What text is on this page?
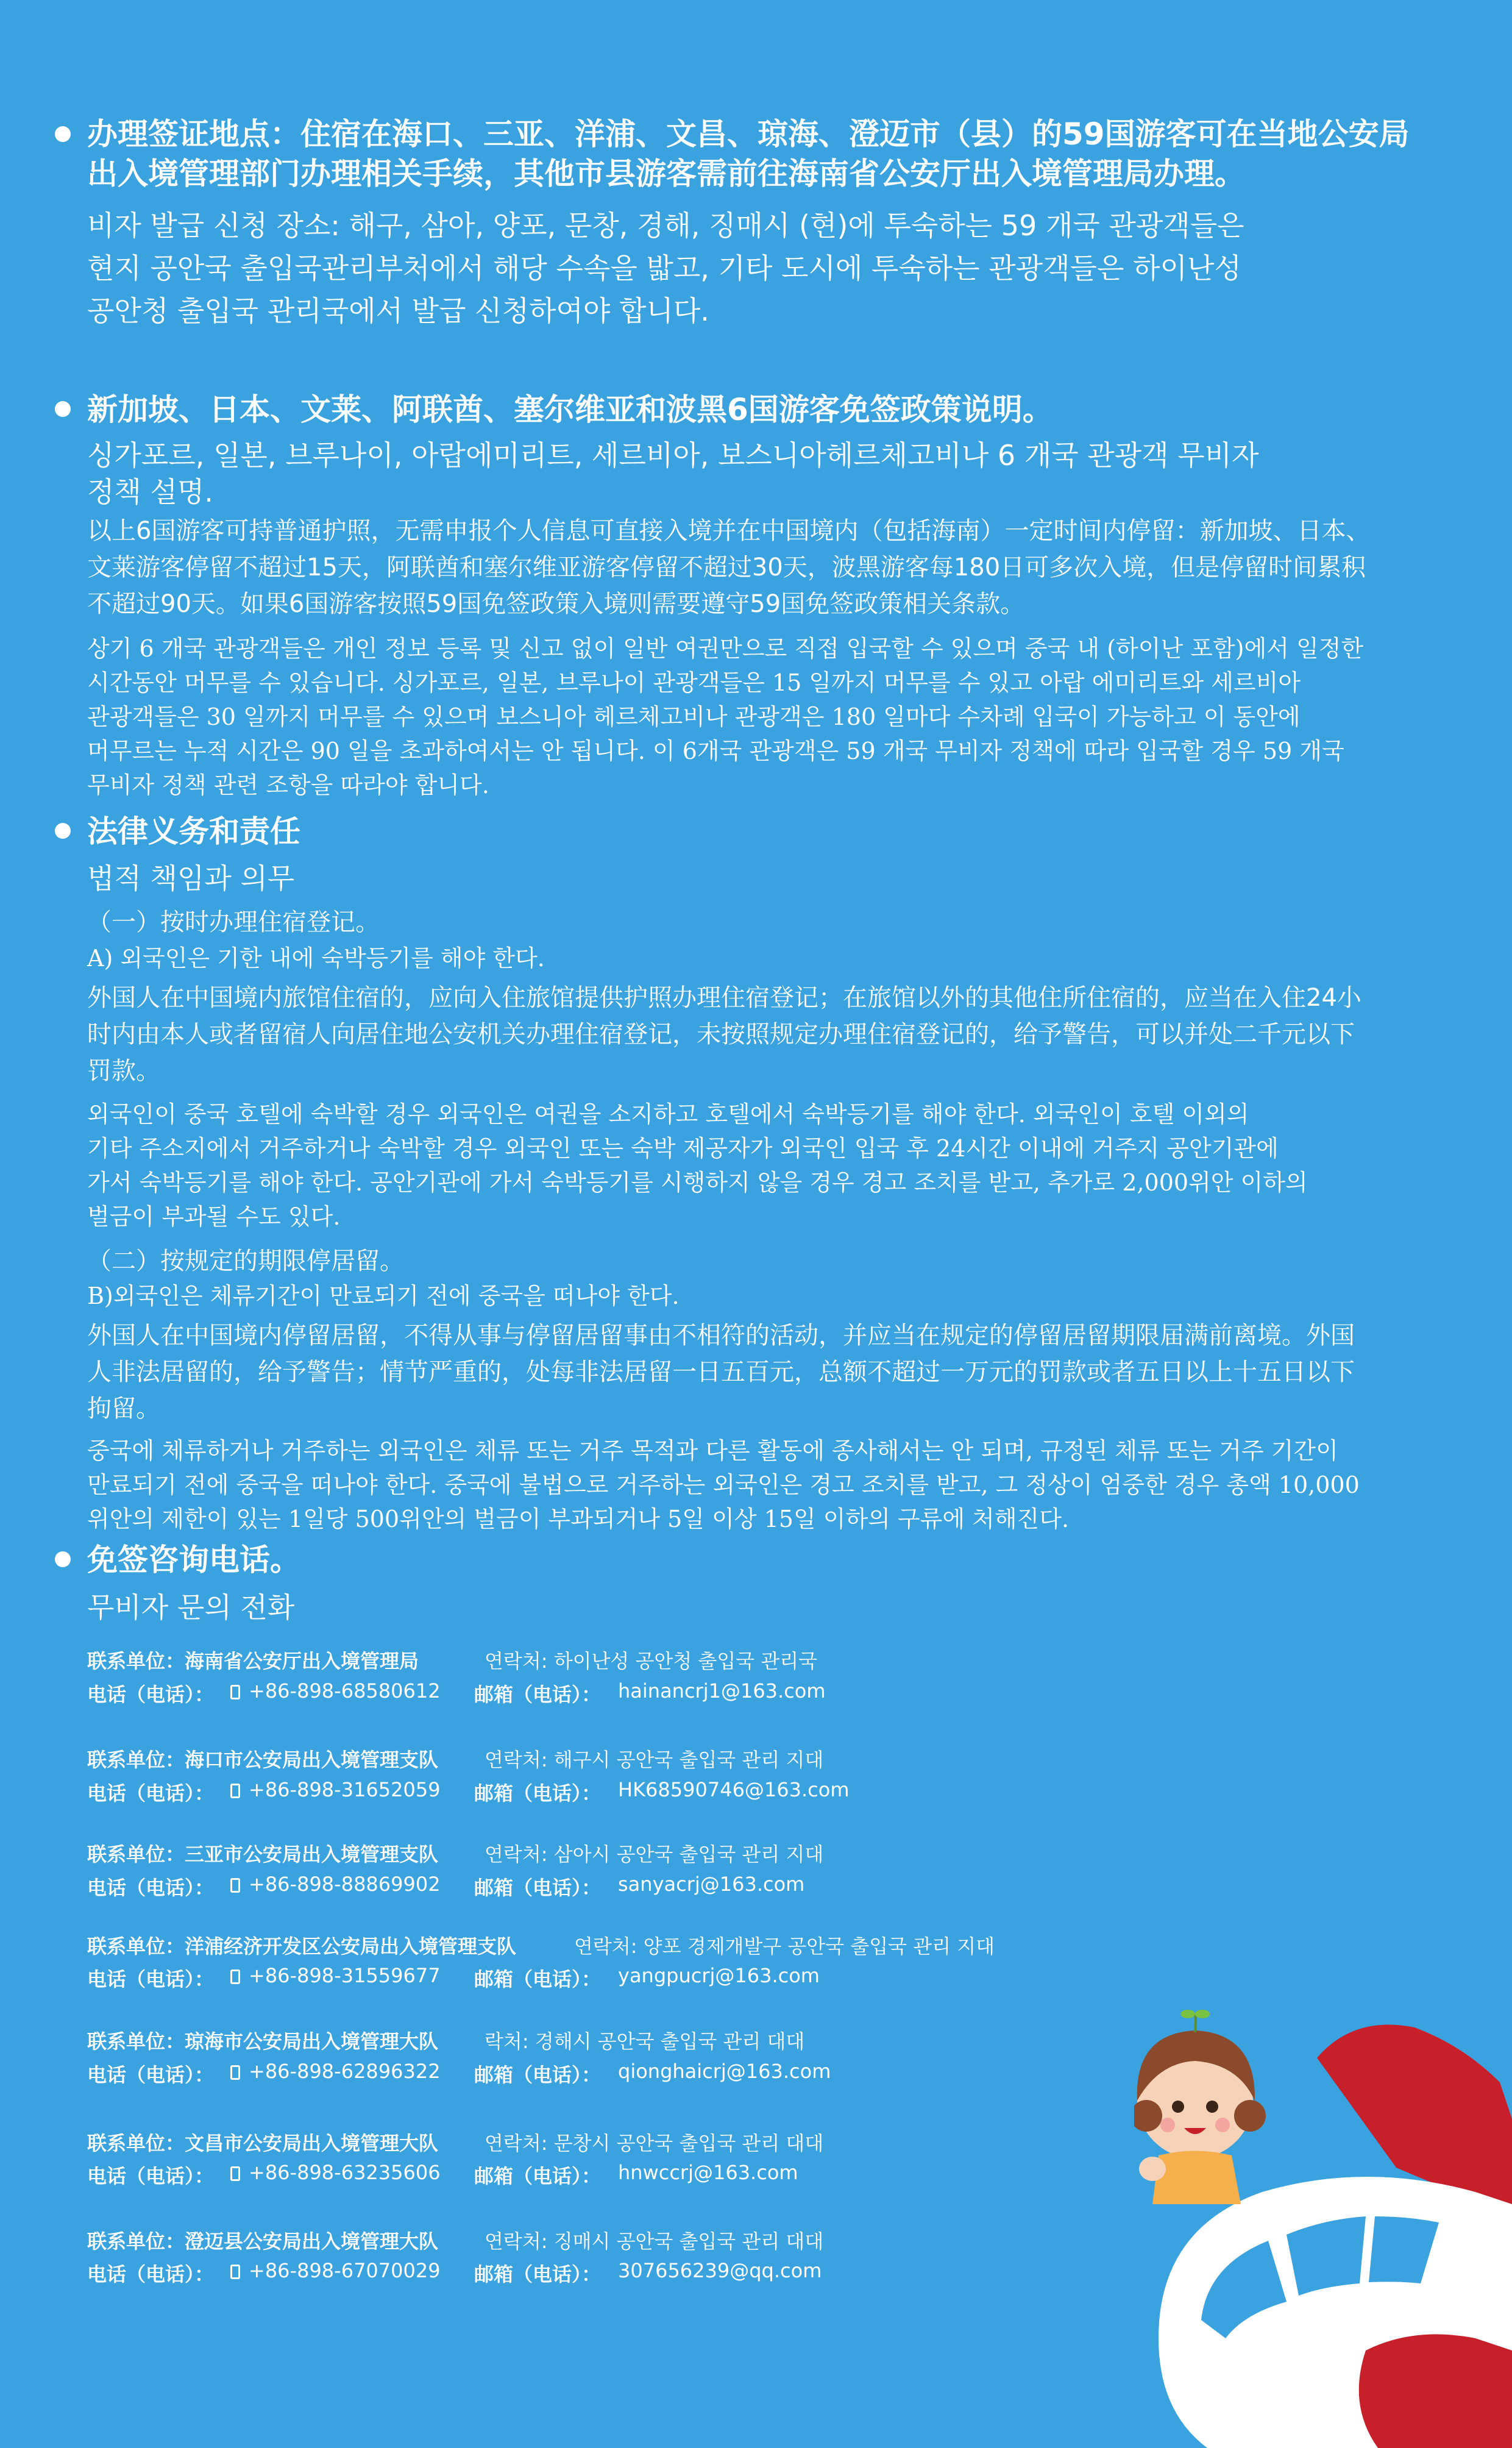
办理签证地点：住宿在海口、三亚、洋浦、文昌、琼海、澄迈市（县）的59国游客可在当地公安局
出入境管理部门办理相关手续，其他市县游客需前往海南省公安厅出入境管理局办理。
비자 발급 신청 장소: 해구, 삼아, 양포, 문창, 경해, 징매시 (현)에 투숙하는 59 개국 관광객들은
현지 공안국 출입국관리부처에서 해당 수속을 밟고, 기타 도시에 투숙하는 관광객들은 하이난성
공안청 출입국 관리국에서 발급 신청하여야 합니다.
新加坡、日本、文莱、阿联酋、塞尔维亚和波黑6国游客免签政策说明。
싱가포르, 일본, 브루나이, 아랍에미리트, 세르비아, 보스니아헤르체고비나 6 개국 관광객 무비자
정책 설명.
以上6国游客可持普通护照，无需申报个人信息可直接入境并在中国境内（包括海南）一定时间内停留：新加坡、日本、
文莱游客停留不超过15天，阿联酋和塞尔维亚游客停留不超过30天，波黑游客每180日可多次入境，但是停留时间累积
不超过90天。如果6国游客按照59国免签政策入境则需要遵守59国免签政策相关条款。
상기 6 개국 관광객들은 개인 정보 등록 및 신고 없이 일반 여권만으로 직접 입국할 수 있으며 중국 내 (하이난 포함)에서 일정한
시간동안 머무를 수 있습니다. 싱가포르, 일본, 브루나이 관광객들은 15 일까지 머무를 수 있고 아랍 에미리트와 세르비아
관광객들은 30 일까지 머무를 수 있으며 보스니아 헤르체고비나 관광객은 180 일마다 수차례 입국이 가능하고 이 동안에
머무르는 누적 시간은 90 일을 초과하여서는 안 됩니다. 이 6개국 관광객은 59 개국 무비자 정책에 따라 입국할 경우 59 개국
무비자 정책 관련 조항을 따라야 합니다.
法律义务和责任
법적 책임과 의무
（一）按时办理住宿登记。
A) 외국인은 기한 내에 숙박등기를 해야 한다.
外国人在中国境内旅馆住宿的，应向入住旅馆提供护照办理住宿登记；在旅馆以外的其他住所住宿的，应当在入住24小
时内由本人或者留宿人向居住地公安机关办理住宿登记，未按照规定办理住宿登记的，给予警告，可以并处二千元以下
罚款。
외국인이 중국 호텔에 숙박할 경우 외국인은 여권을 소지하고 호텔에서 숙박등기를 해야 한다. 외국인이 호텔 이외의
기타 주소지에서 거주하거나 숙박할 경우 외국인 또는 숙박 제공자가 외국인 입국 후 24시간 이내에 거주지 공안기관에
가서 숙박등기를 해야 한다. 공안기관에 가서 숙박등기를 시행하지 않을 경우 경고 조치를 받고, 추가로 2,000위안 이하의
벌금이 부과될 수도 있다.
（二）按规定的期限停居留。
B)외국인은 체류기간이 만료되기 전에 중국을 떠나야 한다.
外国人在中国境内停留居留，不得从事与停留居留事由不相符的活动，并应当在规定的停留居留期限届满前离境。外国
人非法居留的，给予警告；情节严重的，处每非法居留一日五百元，总额不超过一万元的罚款或者五日以上十五日以下
拘留。
중국에 체류하거나 거주하는 외국인은 체류 또는 거주 목적과 다른 활동에 종사해서는 안 되며, 규정된 체류 또는 거주 기간이
만료되기 전에 중국을 떠나야 한다. 중국에 불법으로 거주하는 외국인은 경고 조치를 받고, 그 정상이 엄중한 경우 총액 10,000
위안의 제한이 있는 1일당 500위안의 벌금이 부과되거나 5일 이상 15일 이하의 구류에 처해진다.
免签咨询电话。
무비자 문의 전화
联系单位：海南省公安厅出入境管理局	연락처: 하이난성 공안청 출입국 관리국
电话（电话）：	+86-898-68580612 邮箱（电话）： hainancrj1@163.com
联系单位：海口市公安局出入境管理支队 연락처: 해구시 공안국 출입국 관리 지대
电话（电话）：	+86-898-31652059 邮箱（电话）： HK68590746@163.com
联系单位：三亚市公安局出入境管理支队 연락처: 삼아시 공안국 출입국 관리 지대
电话（电话）：	+86-898-88869902 邮箱（电话）： sanyacrj@163.com
联系单位：洋浦经济开发区公安局出入境管理支队	연락처: 양포 경제개발구 공안국 출입국 관리 지대
电话（电话）：	+86-898-31559677 邮箱（电话）： yangpucrj@163.com
联系单位：琼海市公安局出入境管理大队 락처: 경해시 공안국 출입국 관리 대대
电话（电话）：	+86-898-62896322 邮箱（电话）： qionghaicrj@163.com
联系单位：文昌市公安局出入境管理大队 연락처: 문창시 공안국 출입국 관리 대대
电话（电话）：	+86-898-63235606 邮箱（电话）： hnwccrj@163.com
联系单位：澄迈县公安局出入境管理大队 연락처: 징매시 공안국 출입국 관리 대대
电话（电话）：	+86-898-67070029 邮箱（电话）： 307656239@qq.com
